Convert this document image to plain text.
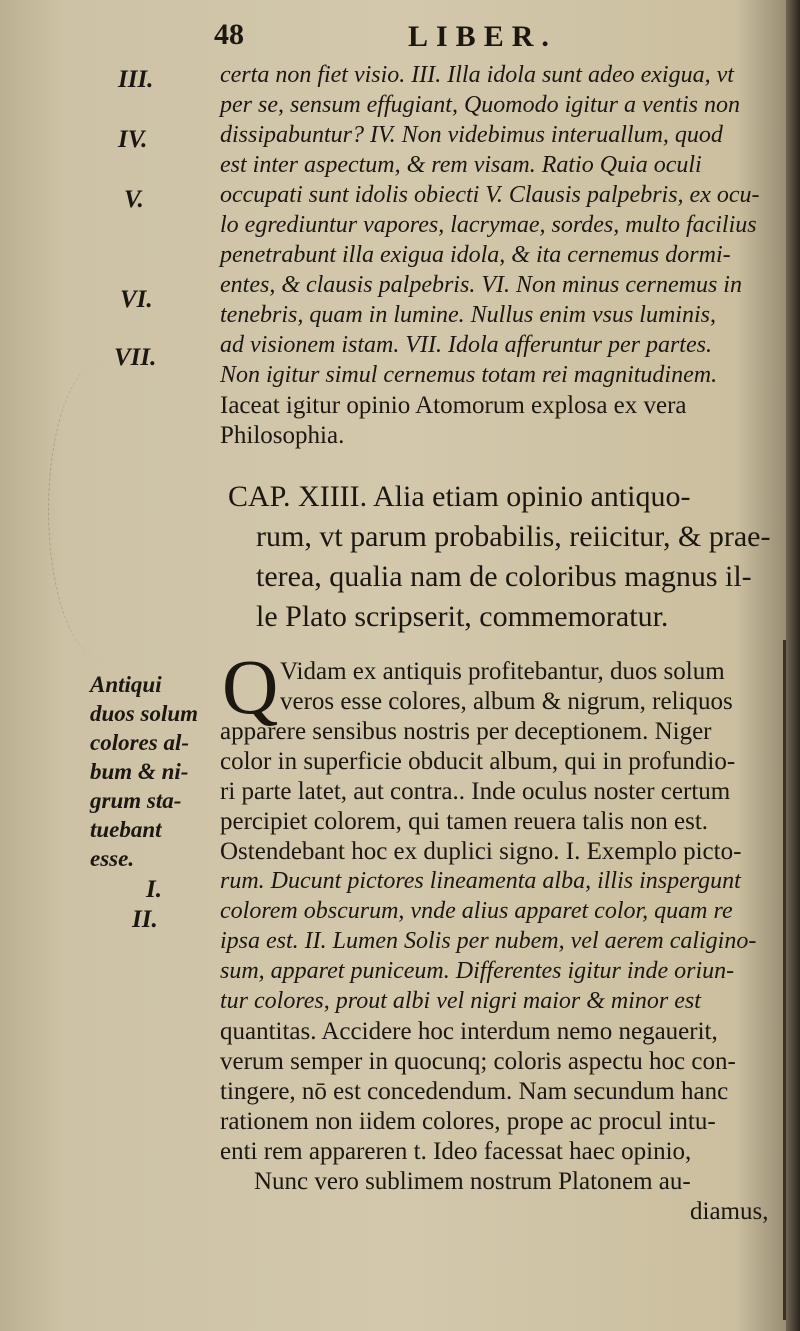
48	LIBER.
III.
IV.
V.
VI.
VII.
certa non fiet visio. III. Illa idola sunt adeo exigua, vt
per se, sensum effugiant, Quomodo igitur a ventis non
dissipabuntur? IV. Non videbimus interuallum, quod
est inter aspectum, & rem visam. Ratio Quia oculi
occupati sunt idolis obiecti V. Clausis palpebris, ex ocu-
lo egrediuntur vapores, lacrymae, sordes, multo facilius
penetrabunt illa exigua idola, & ita cernemus dormi-
entes, & clausis palpebris. VI. Non minus cernemus in
tenebris, quam in lumine. Nullus enim vsus luminis,
ad visionem istam. VII. Idola afferuntur per partes.
Non igitur simul cernemus totam rei magnitudinem.
Iaceat igitur opinio Atomorum explosa ex vera
Philosophia.
CAP. XIIII. Alia etiam opinio antiquo-
rum, vt parum probabilis, reiicitur, & prae-
terea, qualia nam de coloribus magnus il-
le Plato scripserit, commemoratur.
Antiqui
duos solum
colores al-
bum & ni-
grum sta-
tuebant
esse.
I.
II.
Q Vidam ex antiquis profitebantur, duos solum
veros esse colores, album & nigrum, reliquos
apparere sensibus nostris per deceptionem. Niger
color in superficie obducit album, qui in profundio-
ri parte latet, aut contra.. Inde oculus noster certum
percipiet colorem, qui tamen reuera talis non est.
Ostendebant hoc ex duplici signo. I. Exemplo picto-
rum. Ducunt pictores lineamenta alba, illis inspergunt
colorem obscurum, vnde alius apparet color, quam re
ipsa est. II. Lumen Solis per nubem, vel aerem caligino-
sum, apparet puniceum. Differentes igitur inde oriun-
tur colores, prout albi vel nigri maior & minor est
quantitas. Accidere hoc interdum nemo negauerit,
verum semper in quocunq; coloris aspectu hoc con-
tingere, nō est concedendum. Nam secundum hanc
rationem non iidem colores, prope ac procul intu-
enti rem appareren t. Ideo facessat haec opinio,
Nunc vero sublimem nostrum Platonem au-
diamus,
